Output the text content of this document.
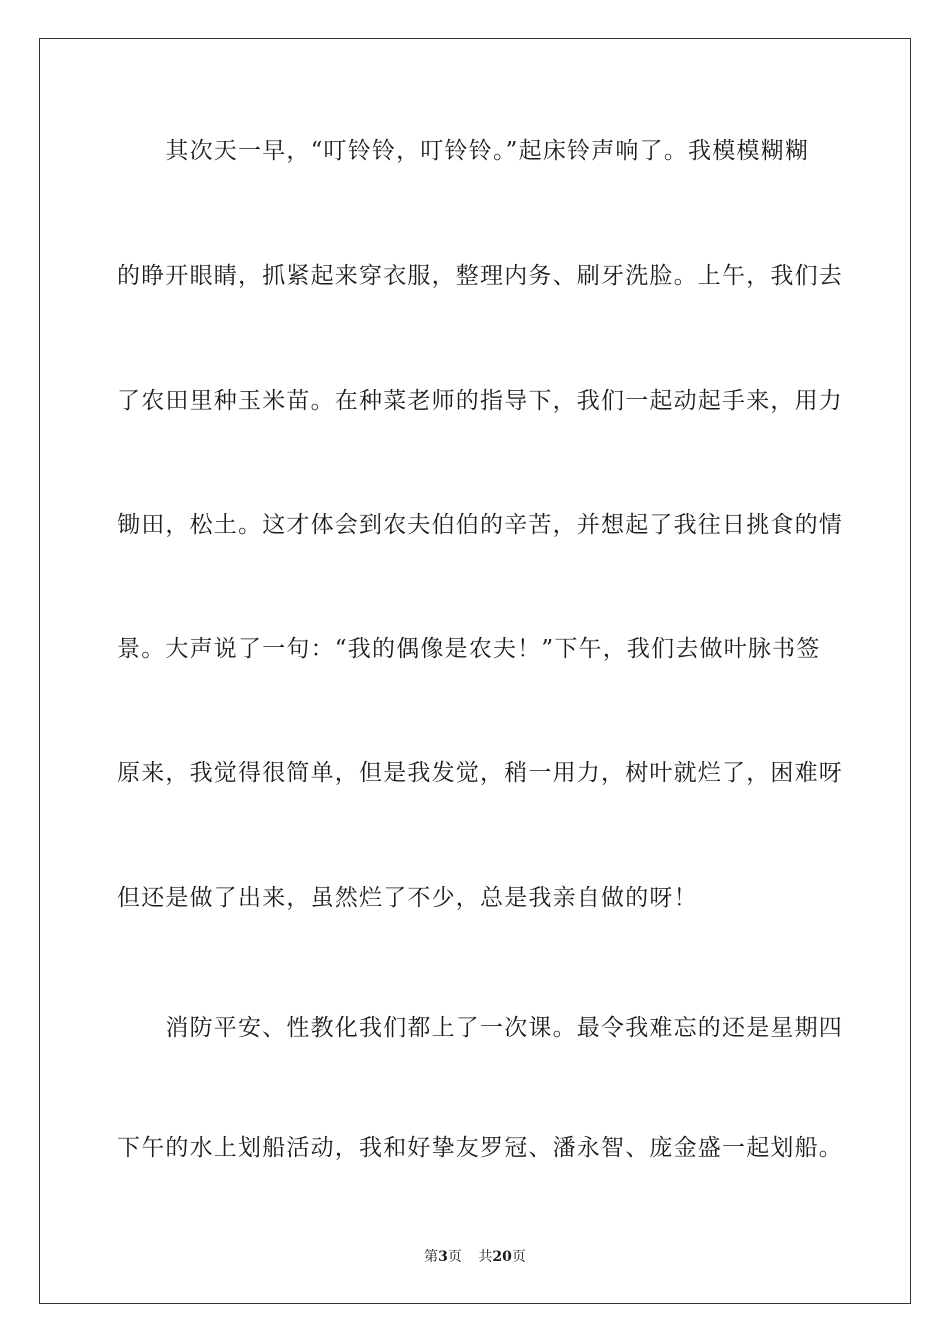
　　其次天一早，“叮铃铃，叮铃铃。”起床铃声响了。我模模糊糊
的睁开眼睛，抓紧起来穿衣服，整理内务、刷牙洗脸。上午，我们去
了农田里种玉米苗。在种菜老师的指导下，我们一起动起手来，用力
锄田，松土。这才体会到农夫伯伯的辛苦，并想起了我往日挑食的情
景。大声说了一句：“我的偶像是农夫！”下午，我们去做叶脉书签
原来，我觉得很简单，但是我发觉，稍一用力，树叶就烂了，困难呀
但还是做了出来，虽然烂了不少，总是我亲自做的呀！
　　消防平安、性教化我们都上了一次课。最令我难忘的还是星期四
下午的水上划船活动，我和好挚友罗冠、潘永智、庞金盛一起划船。
第3页 共20页
